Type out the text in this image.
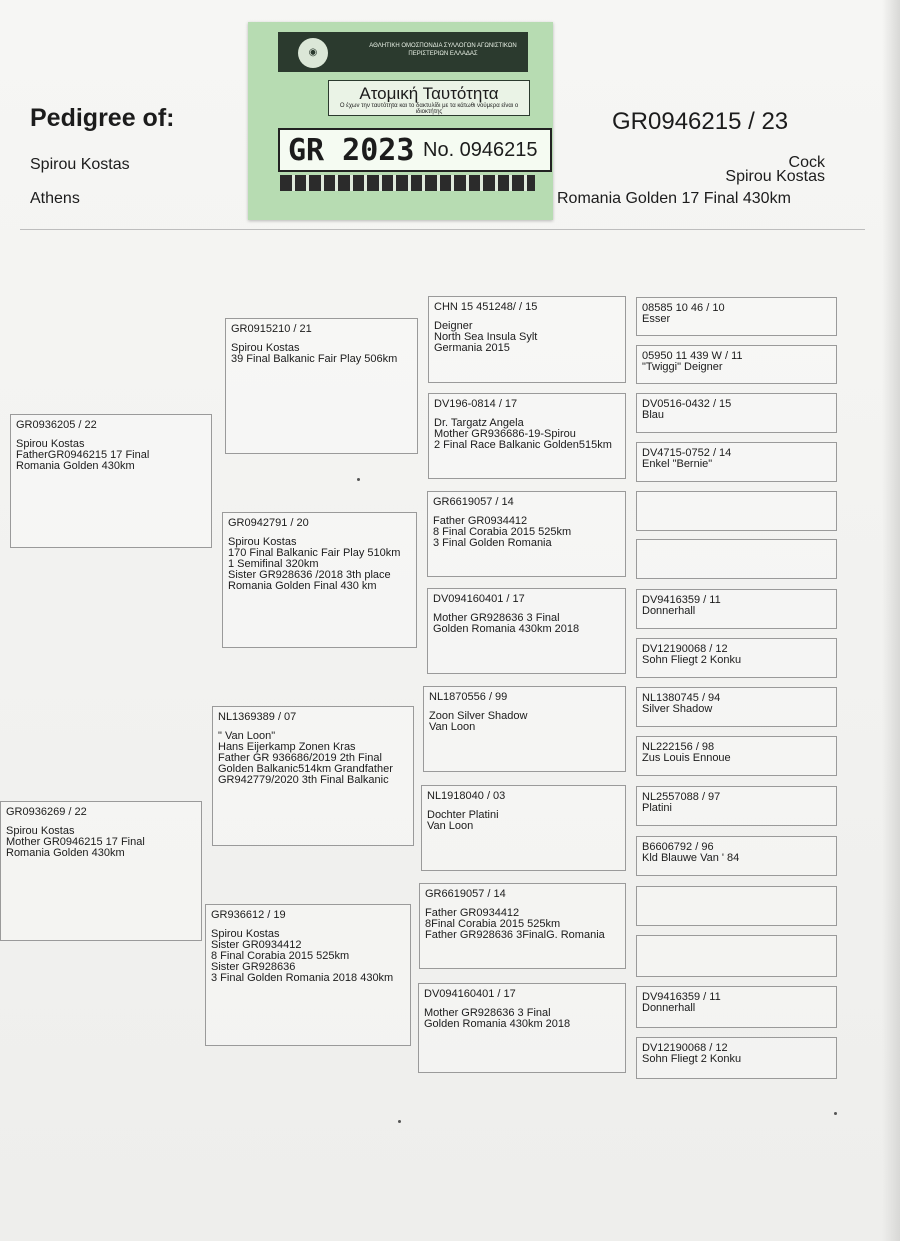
Pedigree of:
Spirou Kostas
Athens
GR0946215 / 23
Cock
Spirou Kostas
Romania Golden 17 Final 430km
◉
ΑΘΛΗΤΙΚΗ ΟΜΟΣΠΟΝΔΙΑ ΣΥΛΛΟΓΩΝ ΑΓΩΝΙΣΤΙΚΩΝ ΠΕΡΙΣΤΕΡΙΩΝ ΕΛΛΑΔΑΣ
Ατομική Ταυτότητα
Ο έχων την ταυτότητα και το δακτυλίδι με τα κάτωθι νούμερα είναι ο ιδιοκτήτης
GR 2023 No. 0946215
GR0936205 / 22
Spirou Kostas
FatherGR0946215 17 Final
Romania Golden 430km
GR0936269 / 22
Spirou Kostas
Mother GR0946215 17 Final
Romania Golden 430km
GR0915210 / 21
Spirou Kostas
39 Final Balkanic Fair Play 506km
GR0942791 / 20
Spirou Kostas
170 Final Balkanic Fair Play 510km
1 Semifinal 320km
Sister GR928636 /2018 3th place
Romania Golden Final 430 km
NL1369389 / 07
" Van Loon"
Hans Eijerkamp Zonen Kras
Father GR 936686/2019 2th Final
Golden Balkanic514km Grandfather
GR942779/2020 3th Final Balkanic
GR936612 / 19
Spirou Kostas
Sister GR0934412
8 Final Corabia 2015 525km
Sister GR928636
3 Final Golden Romania 2018 430km
CHN 15 451248/ / 15
Deigner
North Sea Insula Sylt
Germania 2015
DV196-0814 / 17
Dr. Targatz Angela
Mother GR936686-19-Spirou
2 Final Race Balkanic Golden515km
GR6619057 / 14
Father GR0934412
8 Final Corabia 2015 525km
3 Final Golden Romania
DV094160401 / 17
Mother GR928636 3 Final
Golden Romania 430km 2018
NL1870556 / 99
Zoon Silver Shadow
Van Loon
NL1918040 / 03
Dochter Platini
Van Loon
GR6619057 / 14
Father GR0934412
8Final Corabia 2015 525km
Father GR928636 3FinalG. Romania
DV094160401 / 17
Mother GR928636 3 Final
Golden Romania 430km 2018
08585 10 46 / 10
Esser
05950 11 439 W / 11
"Twiggi" Deigner
DV0516-0432 / 15
Blau
DV4715-0752 / 14
Enkel "Bernie"
DV9416359 / 11
Donnerhall
DV12190068 / 12
Sohn Fliegt 2 Konku
NL1380745 / 94
Silver Shadow
NL222156 / 98
Zus Louis Ennoue
NL2557088 / 97
Platini
B6606792 / 96
Kld Blauwe Van ' 84
DV9416359 / 11
Donnerhall
DV12190068 / 12
Sohn Fliegt 2 Konku
